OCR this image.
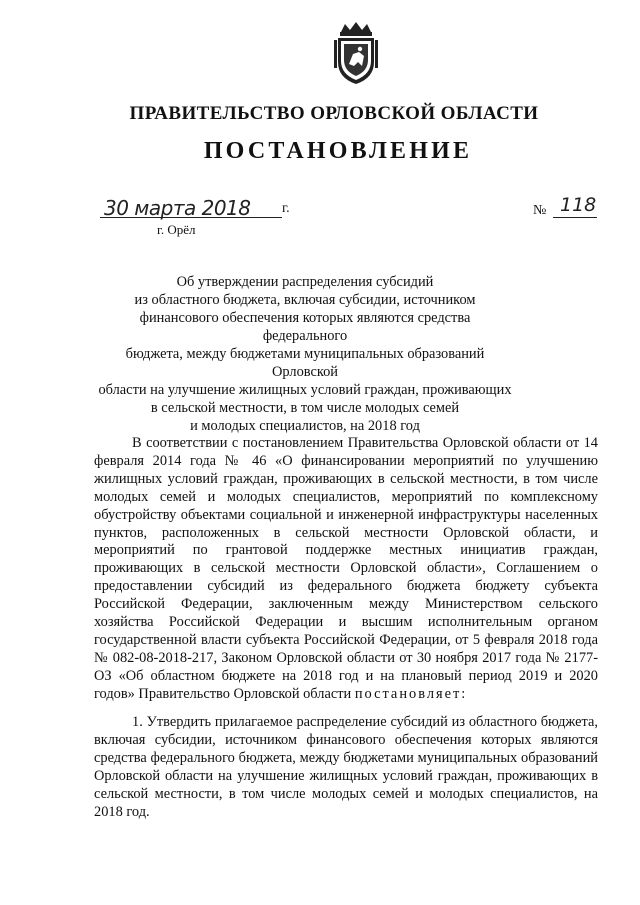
ПРАВИТЕЛЬСТВО ОРЛОВСКОЙ ОБЛАСТИ
ПОСТАНОВЛЕНИЕ
30 марта 2018 г.
г. Орёл
№ 118
Об утверждении распределения субсидий
из областного бюджета, включая субсидии, источником
финансового обеспечения которых являются средства федерального
бюджета, между бюджетами муниципальных образований Орловской
области на улучшение жилищных условий граждан, проживающих
в сельской местности, в том числе молодых семей
и молодых специалистов, на 2018 год

В соответствии с постановлением Правительства Орловской области от 14 февраля 2014 года № 46 «О финансировании мероприятий по улучшению жилищных условий граждан, проживающих в сельской местности, в том числе молодых семей и молодых специалистов, мероприятий по комплексному обустройству объектами социальной и инженерной инфраструктуры населенных пунктов, расположенных в сельской местности Орловской области, и мероприятий по грантовой поддержке местных инициатив граждан, проживающих в сельской местности Орловской области», Соглашением о предоставлении субсидий из федерального бюджета бюджету субъекта Российской Федерации, заключенным между Министерством сельского хозяйства Российской Федерации и высшим исполнительным органом государственной власти субъекта Российской Федерации, от 5 февраля 2018 года № 082-08-2018-217, Законом Орловской области от 30 ноября 2017 года № 2177-ОЗ «Об областном бюджете на 2018 год и на плановый период 2019 и 2020 годов» Правительство Орловской области постановляет:

1. Утвердить прилагаемое распределение субсидий из областного бюджета, включая субсидии, источником финансового обеспечения которых являются средства федерального бюджета, между бюджетами муниципальных образований Орловской области на улучшение жилищных условий граждан, проживающих в сельской местности, в том числе молодых семей и молодых специалистов, на 2018 год.
